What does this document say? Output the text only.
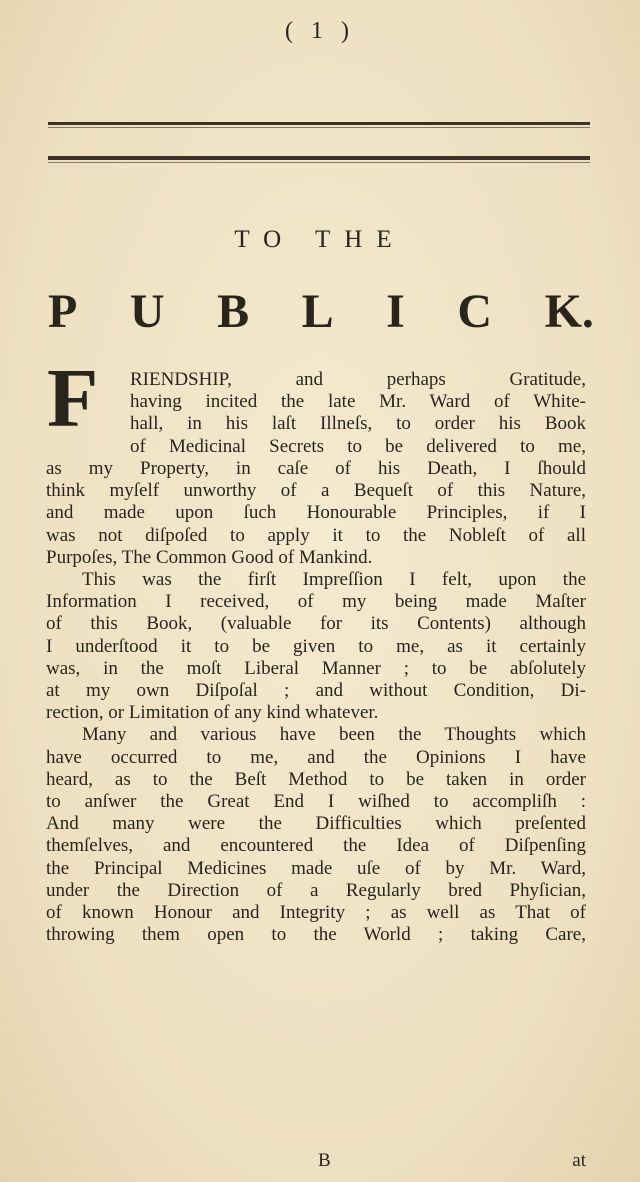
( 1 )
TO THE
P U B L I C K.
F	RIENDSHIP, and perhaps Gratitude,
having incited the late Mr. Ward of White-
hall, in his laſt Illneſs, to order his Book
of Medicinal Secrets to be delivered to me,
as my Property, in caſe of his Death, I ſhould
think myſelf unworthy of a Bequeſt of this Nature,
and made upon ſuch Honourable Principles, if I
was not diſpoſed to apply it to the Nobleſt of all
Purpoſes, The Common Good of Mankind.
This was the firſt Impreſſion I felt, upon the
Information I received, of my being made Maſter
of this Book, (valuable for its Contents) although
I underſtood it to be given to me, as it certainly
was, in the moſt Liberal Manner ; to be abſolutely
at my own Diſpoſal ; and without Condition, Di-
rection, or Limitation of any kind whatever.
Many and various have been the Thoughts which
have occurred to me, and the Opinions I have
heard, as to the Beſt Method to be taken in order
to anſwer the Great End I wiſhed to accompliſh :
And many were the Difficulties which preſented
themſelves, and encountered the Idea of Diſpenſing
the Principal Medicines made uſe of by Mr. Ward,
under the Direction of a Regularly bred Phyſician,
of known Honour and Integrity ; as well as That of
throwing them open to the World ; taking Care,
B	at
